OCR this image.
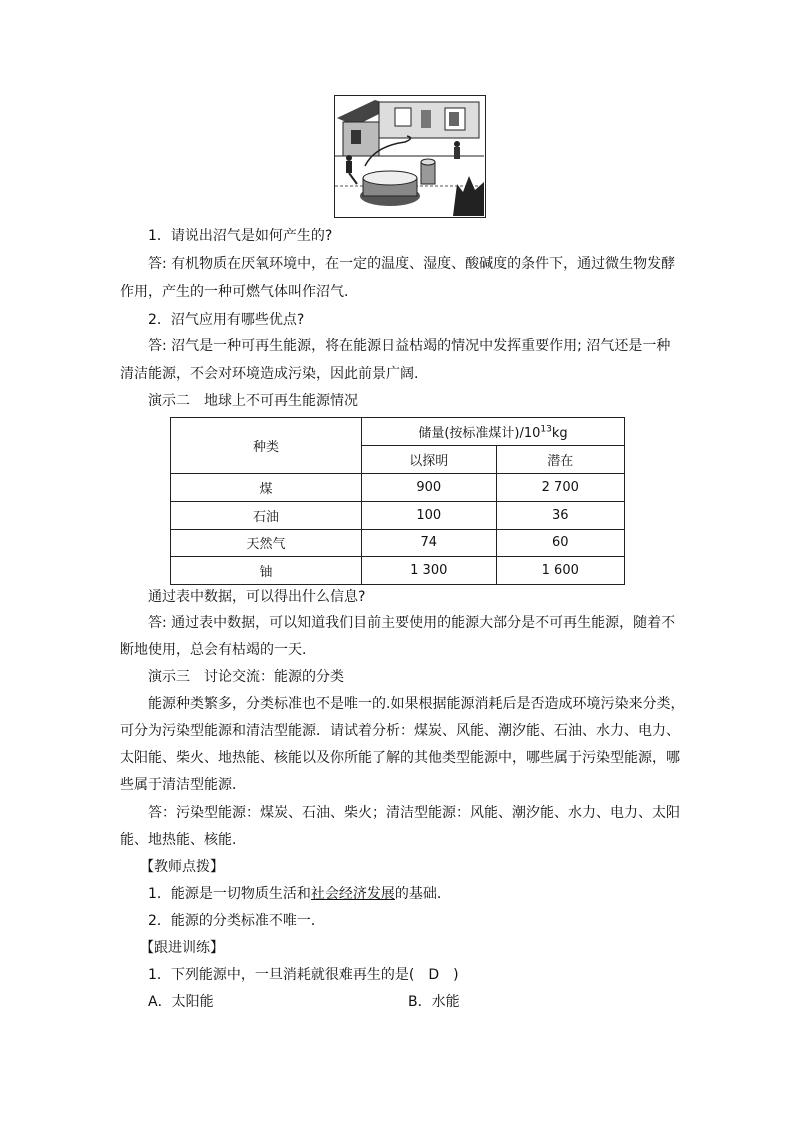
1．请说出沼气是如何产生的?
答: 有机物质在厌氧环境中，在一定的温度、湿度、酸碱度的条件下，通过微生物发酵
作用，产生的一种可燃气体叫作沼气.
2．沼气应用有哪些优点?
答: 沼气是一种可再生能源，将在能源日益枯竭的情况中发挥重要作用; 沼气还是一种
清洁能源，不会对环境造成污染，因此前景广阔.
演示二　地球上不可再生能源情况
种类	储量(按标准煤计)$/10^{13}kg$	
	以探明	潜在
煤	900	2 700
石油	100	36
天然气	74	60
铀	1 300	1 600
通过表中数据，可以得出什么信息?
答: 通过表中数据，可以知道我们目前主要使用的能源大部分是不可再生能源，随着不
断地使用，总会有枯竭的一天.
演示三　讨论交流：能源的分类
能源种类繁多，分类标准也不是唯一的.如果根据能源消耗后是否造成环境污染来分类，
可分为污染型能源和清洁型能源．请试着分析：煤炭、风能、潮汐能、石油、水力、电力、
太阳能、柴火、地热能、核能以及你所能了解的其他类型能源中，哪些属于污染型能源，哪
些属于清洁型能源．
答：污染型能源：煤炭、石油、柴火；清洁型能源：风能、潮汐能、水力、电力、太阳
能、地热能、核能.
【教师点拨】
1．能源是一切物质生活和社会经济发展的基础．
2．能源的分类标准不唯一．
【跟进训练】
1．下列能源中，一旦消耗就很难再生的是(　D　)
A．太阳能	B．水能
